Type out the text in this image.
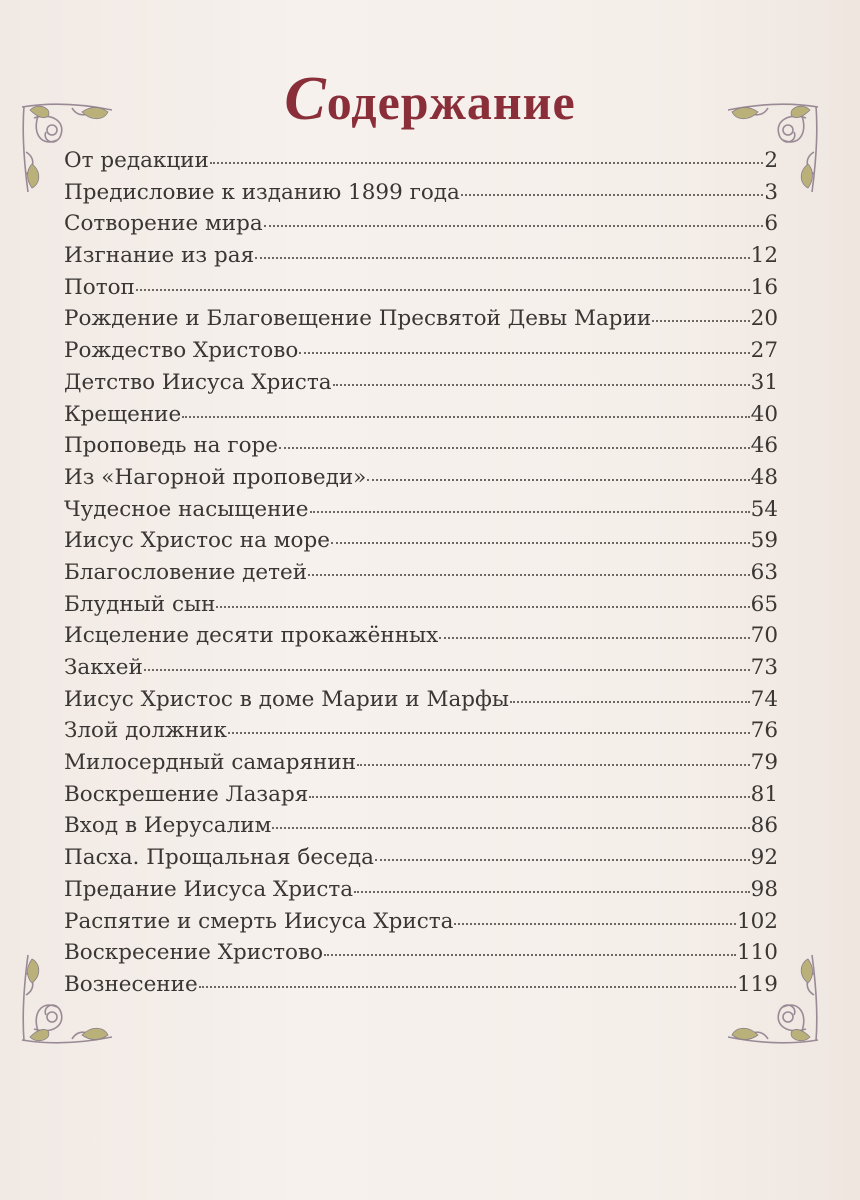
Содержание
От редакции	2
Предисловие к изданию 1899 года	3
Сотворение мира	6
Изгнание из рая	12
Потоп	16
Рождение и Благовещение Пресвятой Девы Марии	20
Рождество Христово	27
Детство Иисуса Христа	31
Крещение	40
Проповедь на горе	46
Из «Нагорной проповеди»	48
Чудесное насыщение	54
Иисус Христос на море	59
Благословение детей	63
Блудный сын	65
Исцеление десяти прокажённых	70
Закхей	73
Иисус Христос в доме Марии и Марфы	74
Злой должник	76
Милосердный самарянин	79
Воскрешение Лазаря	81
Вход в Иерусалим	86
Пасха. Прощальная беседа	92
Предание Иисуса Христа	98
Распятие и смерть Иисуса Христа	102
Воскресение Христово	110
Вознесение	119
